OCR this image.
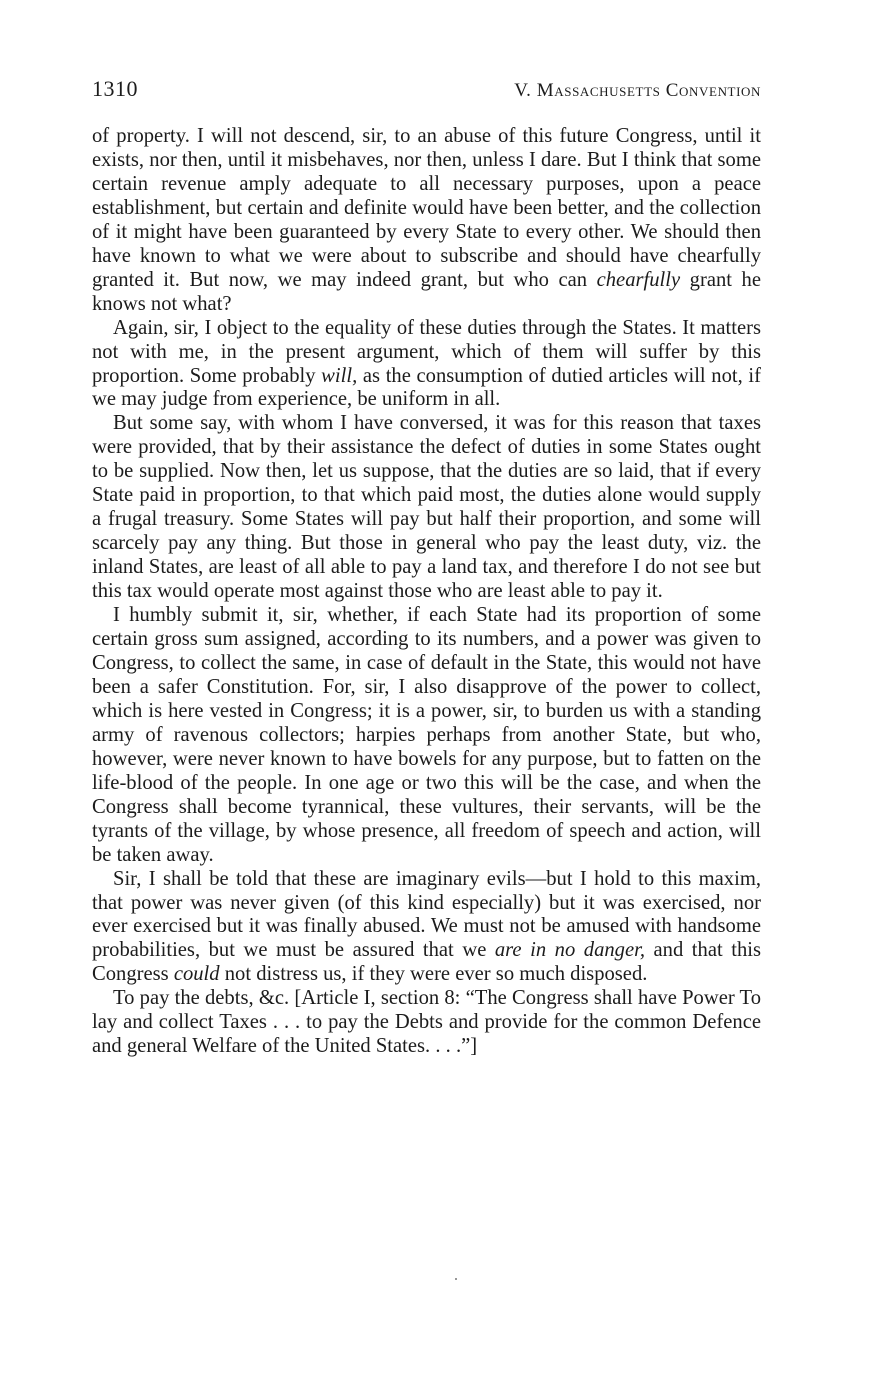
1310	V. Massachusetts Convention

of property. I will not descend, sir, to an abuse of this future Congress, until it exists, nor then, until it misbehaves, nor then, unless I dare. But I think that some certain revenue amply adequate to all necessary purposes, upon a peace establishment, but certain and definite would have been better, and the collection of it might have been guaranteed by every State to every other. We should then have known to what we were about to subscribe and should have chearfully granted it. But now, we may indeed grant, but who can chearfully grant he knows not what?

Again, sir, I object to the equality of these duties through the States. It matters not with me, in the present argument, which of them will suffer by this proportion. Some probably will, as the consumption of dutied articles will not, if we may judge from experience, be uniform in all.

But some say, with whom I have conversed, it was for this reason that taxes were provided, that by their assistance the defect of duties in some States ought to be supplied. Now then, let us suppose, that the duties are so laid, that if every State paid in proportion, to that which paid most, the duties alone would supply a frugal treasury. Some States will pay but half their proportion, and some will scarcely pay any thing. But those in general who pay the least duty, viz. the inland States, are least of all able to pay a land tax, and therefore I do not see but this tax would operate most against those who are least able to pay it.

I humbly submit it, sir, whether, if each State had its proportion of some certain gross sum assigned, according to its numbers, and a power was given to Congress, to collect the same, in case of default in the State, this would not have been a safer Constitution. For, sir, I also disapprove of the power to collect, which is here vested in Congress; it is a power, sir, to burden us with a standing army of ravenous collectors; harpies perhaps from another State, but who, however, were never known to have bowels for any purpose, but to fatten on the life-blood of the people. In one age or two this will be the case, and when the Congress shall become tyrannical, these vultures, their servants, will be the tyrants of the village, by whose presence, all freedom of speech and action, will be taken away.

Sir, I shall be told that these are imaginary evils—but I hold to this maxim, that power was never given (of this kind especially) but it was exercised, nor ever exercised but it was finally abused. We must not be amused with handsome probabilities, but we must be assured that we are in no danger, and that this Congress could not distress us, if they were ever so much disposed.

To pay the debts, &c. [Article I, section 8: “The Congress shall have Power To lay and collect Taxes . . . to pay the Debts and provide for the common Defence and general Welfare of the United States. . . .”]
